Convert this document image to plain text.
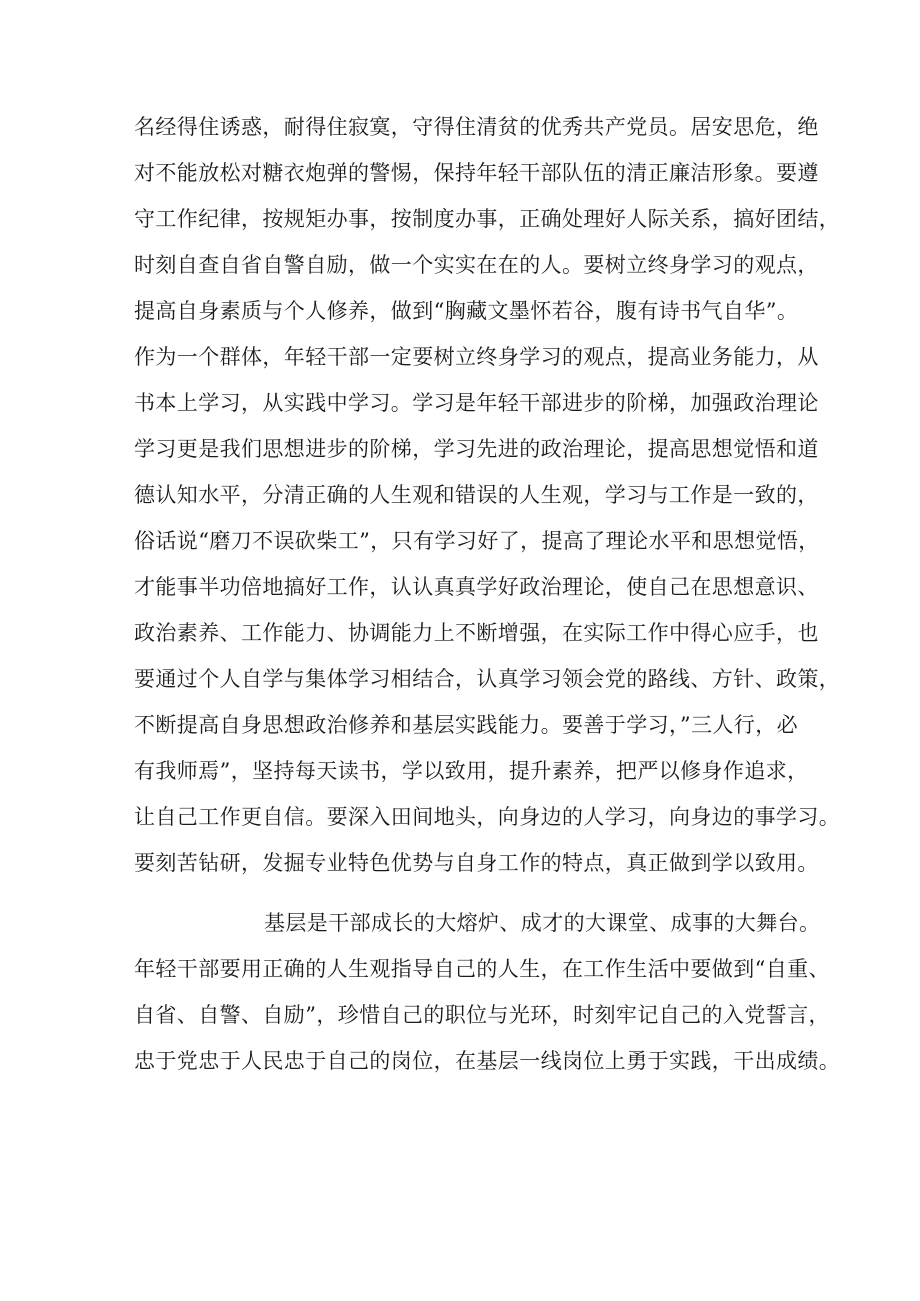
名经得住诱惑，耐得住寂寞，守得住清贫的优秀共产党员。居安思危，绝
对不能放松对糖衣炮弹的警惕，保持年轻干部队伍的清正廉洁形象。要遵
守工作纪律，按规矩办事，按制度办事，正确处理好人际关系，搞好团结，
时刻自查自省自警自励，做一个实实在在的人。要树立终身学习的观点，
提高自身素质与个人修养，做到“胸藏文墨怀若谷，腹有诗书气自华”。
作为一个群体，年轻干部一定要树立终身学习的观点，提高业务能力，从
书本上学习，从实践中学习。学习是年轻干部进步的阶梯，加强政治理论
学习更是我们思想进步的阶梯，学习先进的政治理论，提高思想觉悟和道
德认知水平，分清正确的人生观和错误的人生观，学习与工作是一致的，
俗话说“磨刀不误砍柴工”，只有学习好了，提高了理论水平和思想觉悟，
才能事半功倍地搞好工作，认认真真学好政治理论，使自己在思想意识、
政治素养、工作能力、协调能力上不断增强，在实际工作中得心应手，也
要通过个人自学与集体学习相结合，认真学习领会党的路线、方针、政策，
不断提高自身思想政治修养和基层实践能力。要善于学习，”三人行，必
有我师焉”，坚持每天读书，学以致用，提升素养，把严以修身作追求，
让自己工作更自信。要深入田间地头，向身边的人学习，向身边的事学习。
要刻苦钻研，发掘专业特色优势与自身工作的特点，真正做到学以致用。
基层是干部成长的大熔炉、成才的大课堂、成事的大舞台。
年轻干部要用正确的人生观指导自己的人生，在工作生活中要做到“自重、
自省、自警、自励”，珍惜自己的职位与光环，时刻牢记自己的入党誓言，
忠于党忠于人民忠于自己的岗位，在基层一线岗位上勇于实践，干出成绩。
